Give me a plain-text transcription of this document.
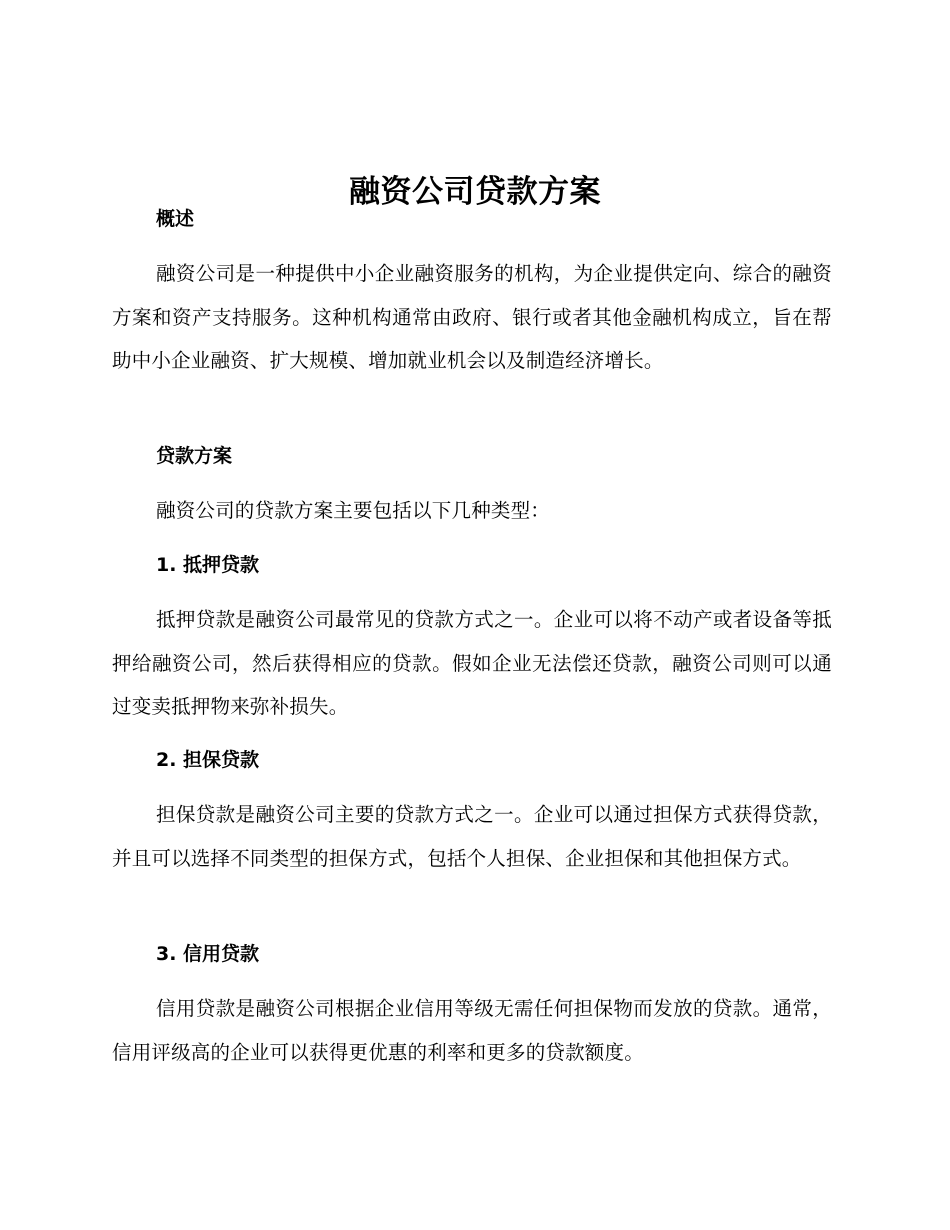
融资公司贷款方案
概述

融资公司是一种提供中小企业融资服务的机构，为企业提供定向、综合的融资方案和资产支持服务。这种机构通常由政府、银行或者其他金融机构成立，旨在帮助中小企业融资、扩大规模、增加就业机会以及制造经济增长。

贷款方案

融资公司的贷款方案主要包括以下几种类型：

1. 抵押贷款

抵押贷款是融资公司最常见的贷款方式之一。企业可以将不动产或者设备等抵押给融资公司，然后获得相应的贷款。假如企业无法偿还贷款，融资公司则可以通过变卖抵押物来弥补损失。

2. 担保贷款

担保贷款是融资公司主要的贷款方式之一。企业可以通过担保方式获得贷款，并且可以选择不同类型的担保方式，包括个人担保、企业担保和其他担保方式。

3. 信用贷款

信用贷款是融资公司根据企业信用等级无需任何担保物而发放的贷款。通常，信用评级高的企业可以获得更优惠的利率和更多的贷款额度。
